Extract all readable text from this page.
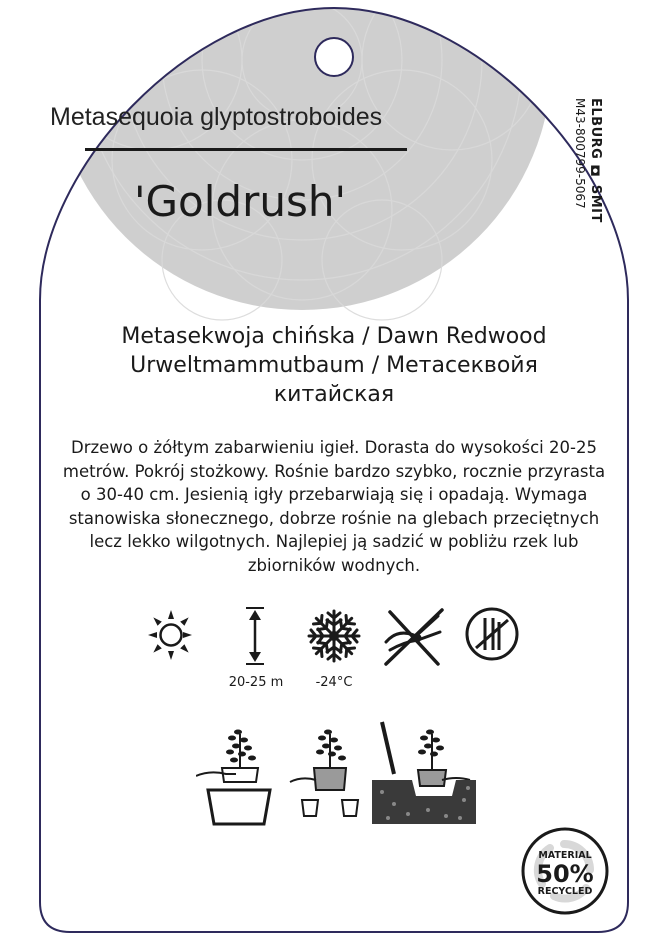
Metasequoia glyptostroboides
'Goldrush'	ELBURG ◘ SMIT
M43-800799-5067
Metasekwoja chińska / Dawn Redwood
Urweltmammutbaum / Метасеквойя
китайская
Drzewo o żółtym zabarwieniu igieł. Dorasta do wysokości 20-25 metrów. Pokrój stożkowy. Rośnie bardzo szybko, rocznie przyrasta o 30-40 cm. Jesienią igły przebarwiają się i opadają. Wymaga stanowiska słonecznego, dobrze rośnie na glebach przeciętnych lecz lekko wilgotnych. Najlepiej ją sadzić w pobliżu rzek lub zbiorników wodnych.
20-25 m	-24°C
MATERIAL
50%
RECYCLED
